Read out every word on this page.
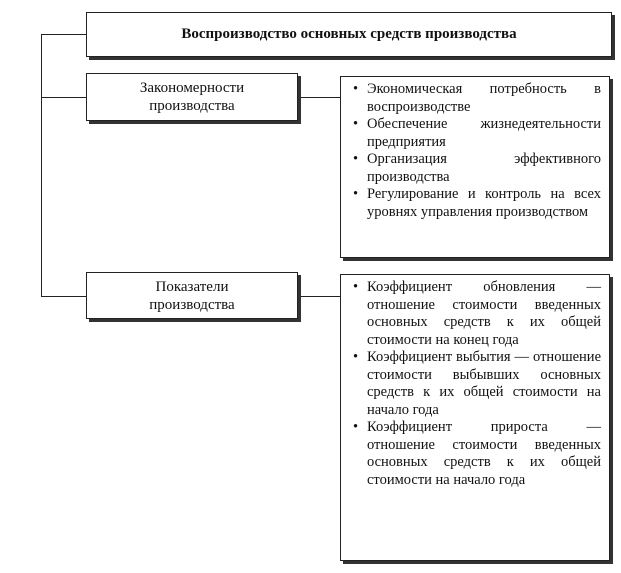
Воспроизводство основных средств производства
Закономерности производства
• Экономическая потребность в воспроизводстве
• Обеспечение жизнедеятельности предприятия
• Организация эффективного производства
• Регулирование и контроль на всех уровнях управления производством
Показатели производства
• Коэффициент обновления — отношение стоимости введенных основных средств к их общей стоимости на конец года
• Коэффициент выбытия — отношение стоимости выбывших основных средств к их общей стоимости на начало года
• Коэффициент прироста — отношение стоимости введенных основных средств к их общей стоимости на начало года
